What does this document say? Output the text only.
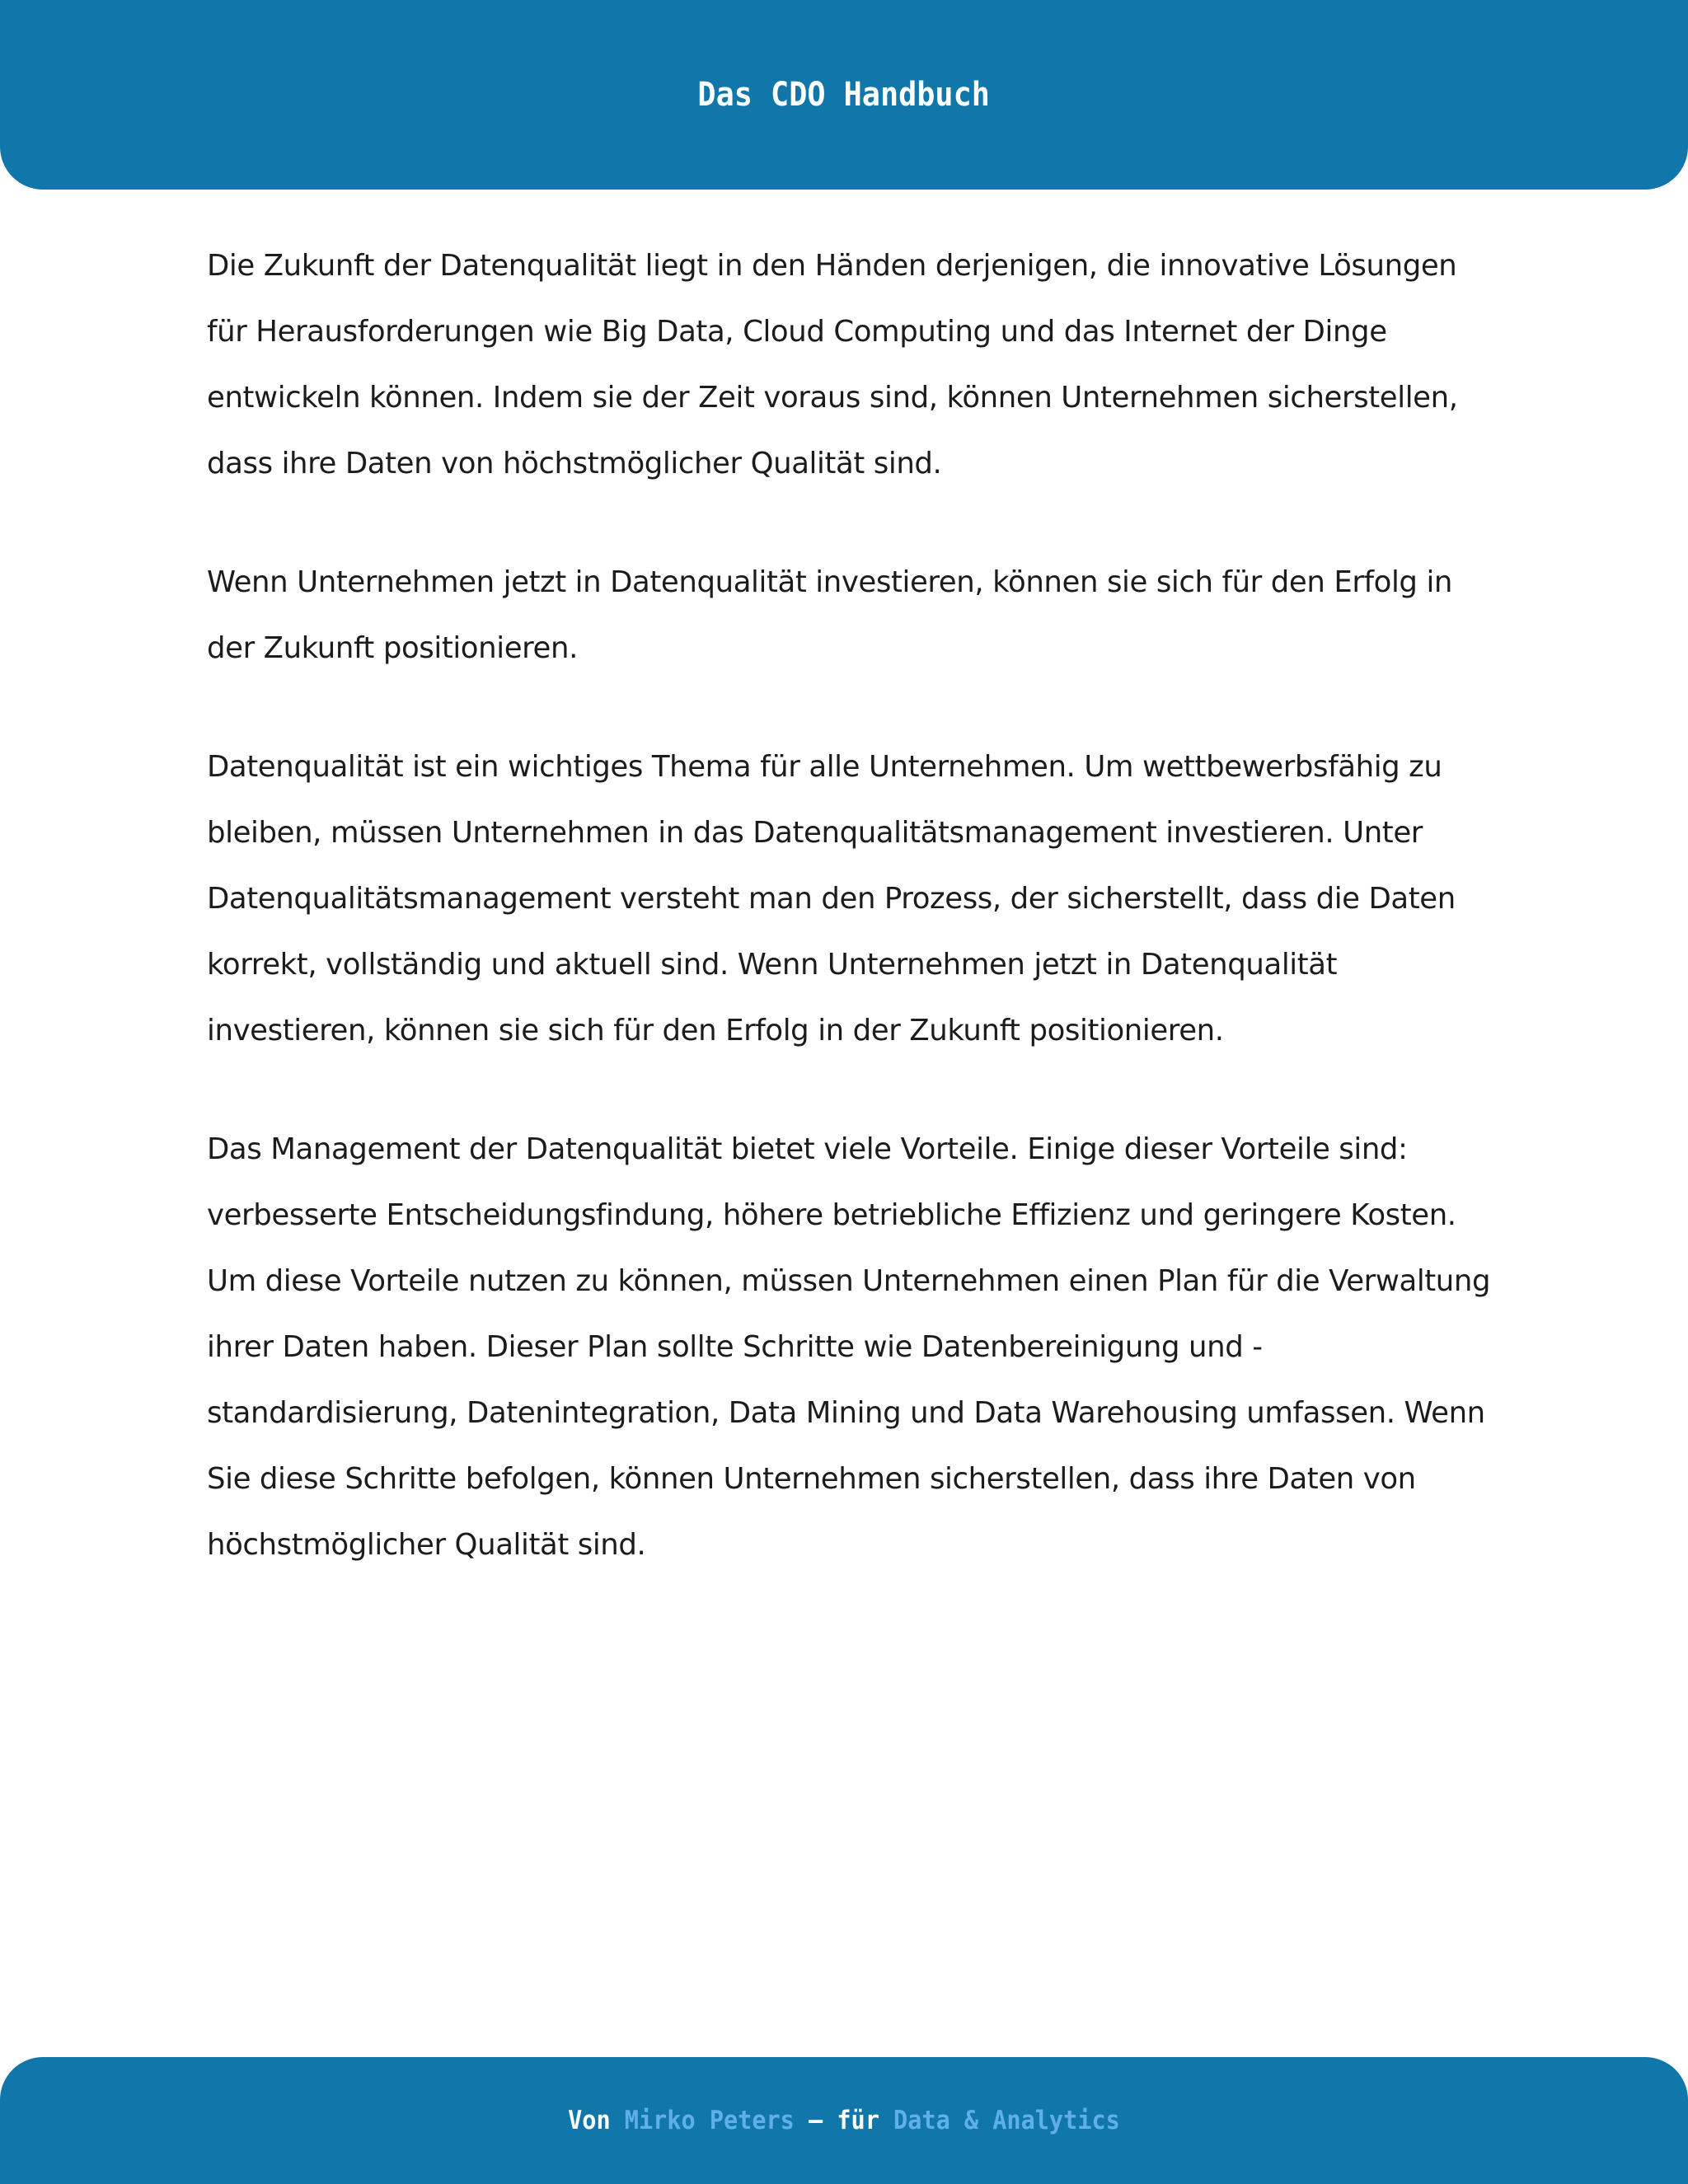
Das CDO Handbuch

Die Zukunft der Datenqualität liegt in den Händen derjenigen, die innovative Lösungen für Herausforderungen wie Big Data, Cloud Computing und das Internet der Dinge entwickeln können. Indem sie der Zeit voraus sind, können Unternehmen sicherstellen, dass ihre Daten von höchstmöglicher Qualität sind.

Wenn Unternehmen jetzt in Datenqualität investieren, können sie sich für den Erfolg in der Zukunft positionieren.

Datenqualität ist ein wichtiges Thema für alle Unternehmen. Um wettbewerbsfähig zu bleiben, müssen Unternehmen in das Datenqualitätsmanagement investieren. Unter Datenqualitätsmanagement versteht man den Prozess, der sicherstellt, dass die Daten korrekt, vollständig und aktuell sind. Wenn Unternehmen jetzt in Datenqualität investieren, können sie sich für den Erfolg in der Zukunft positionieren.

Das Management der Datenqualität bietet viele Vorteile. Einige dieser Vorteile sind: verbesserte Entscheidungsfindung, höhere betriebliche Effizienz und geringere Kosten. Um diese Vorteile nutzen zu können, müssen Unternehmen einen Plan für die Verwaltung ihrer Daten haben. Dieser Plan sollte Schritte wie Datenbereinigung und -standardisierung, Datenintegration, Data Mining und Data Warehousing umfassen. Wenn Sie diese Schritte befolgen, können Unternehmen sicherstellen, dass ihre Daten von höchstmöglicher Qualität sind.

Von Mirko Peters – für Data & Analytics
